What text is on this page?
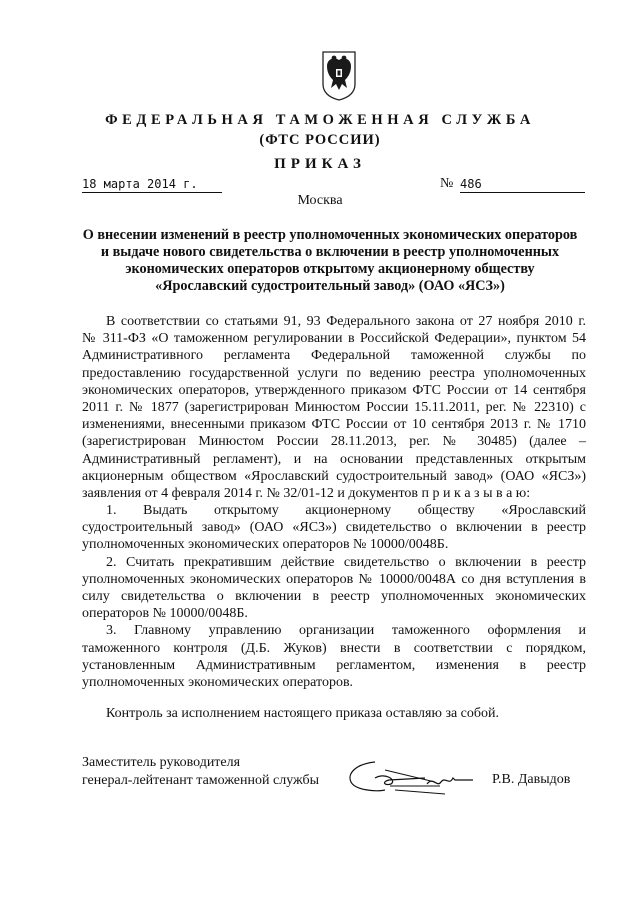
ФЕДЕРАЛЬНАЯ ТАМОЖЕННАЯ СЛУЖБА
(ФТС РОССИИ)
ПРИКАЗ
18 марта 2014 г.	№ 486
Москва
О внесении изменений в реестр уполномоченных экономических операторов
и выдаче нового свидетельства о включении в реестр уполномоченных
экономических операторов открытому акционерному обществу
«Ярославский судостроительный завод» (ОАО «ЯСЗ»)
В соответствии со статьями 91, 93 Федерального закона от 27 ноября 2010 г.
№ 311-ФЗ «О таможенном регулировании в Российской Федерации», пунктом 54
Административного регламента Федеральной таможенной службы по
предоставлению государственной услуги по ведению реестра уполномоченных
экономических операторов, утвержденного приказом ФТС России от 14 сентября
2011 г. № 1877 (зарегистрирован Минюстом России 15.11.2011, рег. № 22310) с
изменениями, внесенными приказом ФТС России от 10 сентября 2013 г. № 1710
(зарегистрирован Минюстом России 28.11.2013, рег. № 30485) (далее –
Административный регламент), и на основании представленных открытым
акционерным обществом «Ярославский судостроительный завод» (ОАО «ЯСЗ»)
заявления от 4 февраля 2014 г. № 32/01-12 и документов п р и к а з ы в а ю:
1. Выдать открытому акционерному обществу «Ярославский
судостроительный завод» (ОАО «ЯСЗ») свидетельство о включении в реестр
уполномоченных экономических операторов № 10000/0048Б.
2. Считать прекратившим действие свидетельство о включении в реестр
уполномоченных экономических операторов № 10000/0048А со дня вступления в
силу свидетельства о включении в реестр уполномоченных экономических
операторов № 10000/0048Б.
3. Главному управлению организации таможенного оформления и
таможенного контроля (Д.Б. Жуков) внести в соответствии с порядком,
установленным Административным регламентом, изменения в реестр
уполномоченных экономических операторов.
Контроль за исполнением настоящего приказа оставляю за собой.
Заместитель руководителя
генерал-лейтенант таможенной службы	Р.В. Давыдов
